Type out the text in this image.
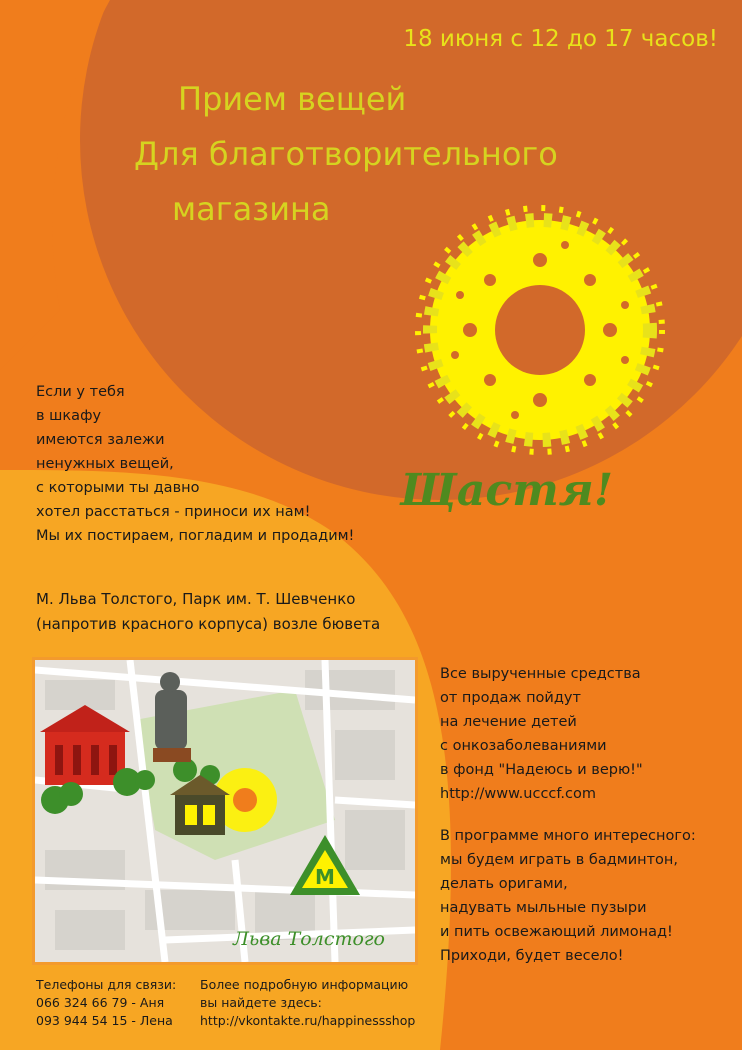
18 июня с 12 до 17 часов!
Прием вещей
Для благотворительного
магазина
Щастя!
Если у тебя
в шкафу
имеются залежи
ненужных вещей,
с которыми ты давно
хотел расстаться - приноси их нам!
Мы их постираем, погладим и продадим!
М. Льва Толстого, Парк им. Т. Шевченко
(напротив красного корпуса) возле бювета
M
Льва Толстого
Все вырученные средства
от продаж пойдут
на лечение детей
с онкозаболеваниями
в фонд "Надеюсь и верю!"
http://www.ucccf.com
В программе много интересного:
мы будем играть в бадминтон,
делать оригами,
надувать мыльные пузыри
и пить освежающий лимонад!
Приходи, будет весело!
Телефоны для связи:
066 324 66 79 - Аня
093 944 54 15 - Лена
Более подробную информацию
вы найдете здесь:
http://vkontakte.ru/happinessshop
